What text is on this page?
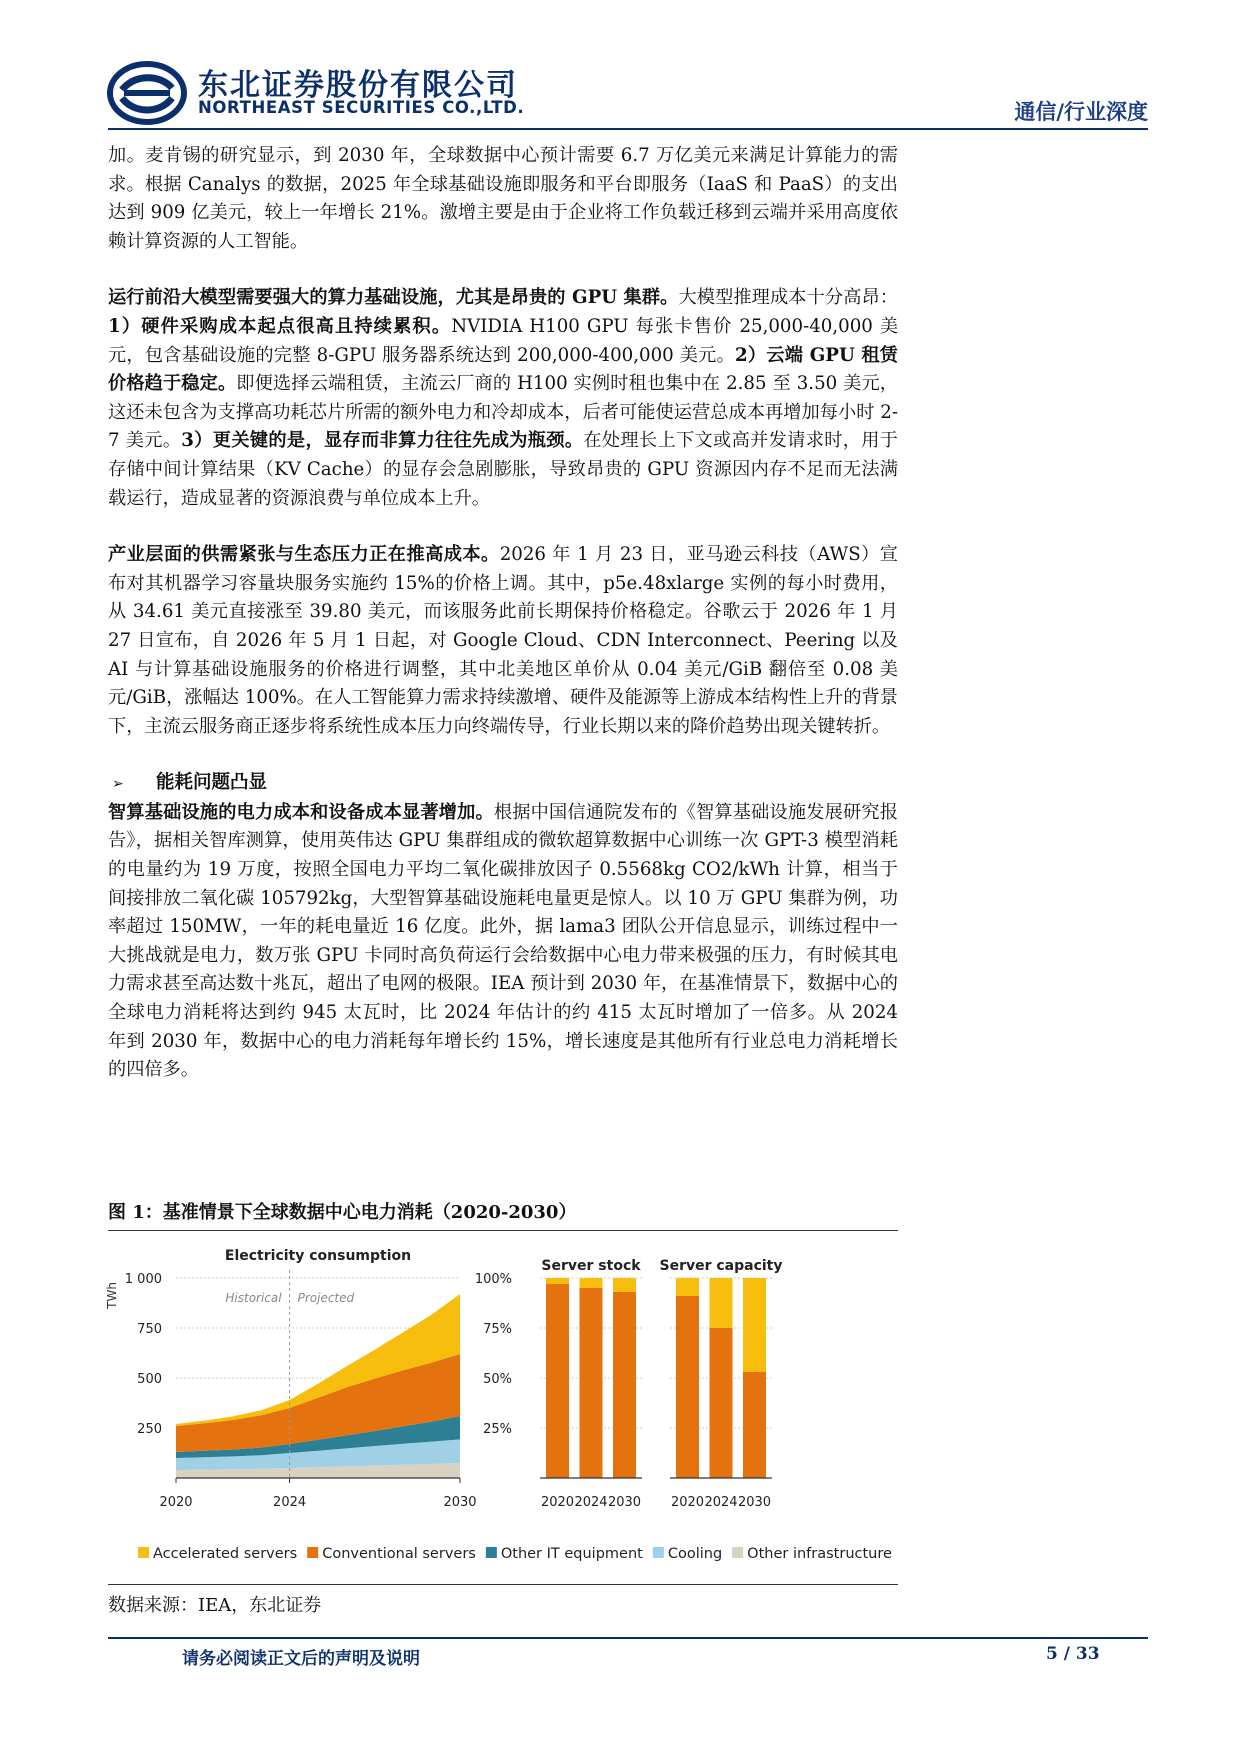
东北证券股份有限公司
NORTHEAST SECURITIES CO.,LTD.	通信/行业深度

加。麦肯锡的研究显示，到 2030 年，全球数据中心预计需要 6.7 万亿美元来满足计算能力的需求。根据 Canalys 的数据，2025 年全球基础设施即服务和平台即服务（IaaS 和 PaaS）的支出达到 909 亿美元，较上一年增长 21%。激增主要是由于企业将工作负载迁移到云端并采用高度依赖计算资源的人工智能。

运行前沿大模型需要强大的算力基础设施，尤其是昂贵的 GPU 集群。大模型推理成本十分高昂：1）硬件采购成本起点很高且持续累积。NVIDIA H100 GPU 每张卡售价 25,000-40,000 美元，包含基础设施的完整 8-GPU 服务器系统达到 200,000-400,000 美元。2）云端 GPU 租赁价格趋于稳定。即便选择云端租赁，主流云厂商的 H100 实例时租也集中在 2.85 至 3.50 美元，这还未包含为支撑高功耗芯片所需的额外电力和冷却成本，后者可能使运营总成本再增加每小时 2-7 美元。3）更关键的是，显存而非算力往往先成为瓶颈。在处理长上下文或高并发请求时，用于存储中间计算结果（KV Cache）的显存会急剧膨胀，导致昂贵的 GPU 资源因内存不足而无法满载运行，造成显著的资源浪费与单位成本上升。

产业层面的供需紧张与生态压力正在推高成本。2026 年 1 月 23 日，亚马逊云科技（AWS）宣布对其机器学习容量块服务实施约 15%的价格上调。其中，p5e.48xlarge 实例的每小时费用，从 34.61 美元直接涨至 39.80 美元，而该服务此前长期保持价格稳定。谷歌云于 2026 年 1 月 27 日宣布，自 2026 年 5 月 1 日起，对 Google Cloud、CDN Interconnect、Peering 以及 AI 与计算基础设施服务的价格进行调整，其中北美地区单价从 0.04 美元/GiB 翻倍至 0.08 美元/GiB，涨幅达 100%。在人工智能算力需求持续激增、硬件及能源等上游成本结构性上升的背景下，主流云服务商正逐步将系统性成本压力向终端传导，行业长期以来的降价趋势出现关键转折。

➢ 能耗问题凸显

智算基础设施的电力成本和设备成本显著增加。根据中国信通院发布的《智算基础设施发展研究报告》，据相关智库测算，使用英伟达 GPU 集群组成的微软超算数据中心训练一次 GPT-3 模型消耗的电量约为 19 万度，按照全国电力平均二氧化碳排放因子 0.5568kg CO2/kWh 计算，相当于间接排放二氧化碳 105792kg，大型智算基础设施耗电量更是惊人。以 10 万 GPU 集群为例，功率超过 150MW，一年的耗电量近 16 亿度。此外，据 lama3 团队公开信息显示，训练过程中一大挑战就是电力，数万张 GPU 卡同时高负荷运行会给数据中心电力带来极强的压力，有时候其电力需求甚至高达数十兆瓦，超出了电网的极限。IEA 预计到 2030 年，在基准情景下，数据中心的全球电力消耗将达到约 945 太瓦时，比 2024 年估计的约 415 太瓦时增加了一倍多。从 2024 年到 2030 年，数据中心的电力消耗每年增长约 15%，增长速度是其他所有行业总电力消耗增长的四倍多。

图 1：基准情景下全球数据中心电力消耗（2020-2030）
Electricity consumption
TWh
1 000
750
500
250
Historical Projected
2020	2024	2030
100%
75%
50%
25%
Server stock
2020 2024 2030
Server capacity
2020 2024 2030
Accelerated servers Conventional servers Other IT equipment Cooling Other infrastructure
数据来源：IEA，东北证券
请务必阅读正文后的声明及说明	5 / 33
